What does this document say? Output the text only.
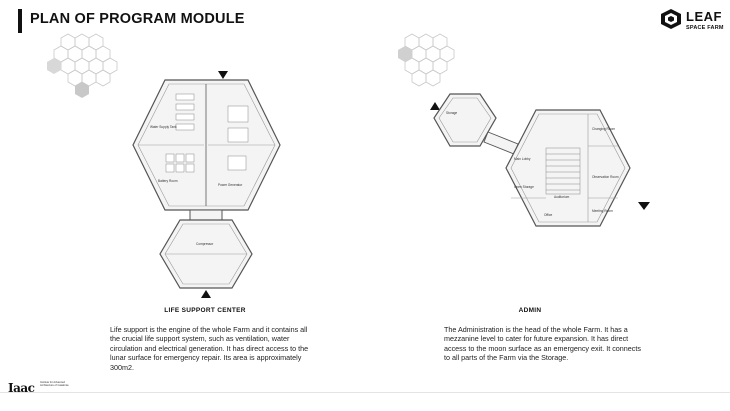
PLAN OF PROGRAM MODULE	LEAF
SPACE FARM
Water Supply Tank
Battery Room
Power Generator
Compressor
Storage
Main Lobby
Changing Room
Open Storage
Auditorium
Office
Observation Room
Meeting Room
LIFE SUPPORT CENTER	ADMIN
Life support is the engine of the whole Farm and it contains all the crucial life support system, such as ventilation, water circulation and electrical generation. It has direct access to the lunar surface for emergency repair. Its area is approximately 300m2.
The Administration is the head of the whole Farm. It has a mezzanine level to cater for future expansion. It has direct access to the moon surface as an emergency exit. It connects to all parts of the Farm via the Storage.
Iaac Institute for Advanced Architecture of Catalonia
